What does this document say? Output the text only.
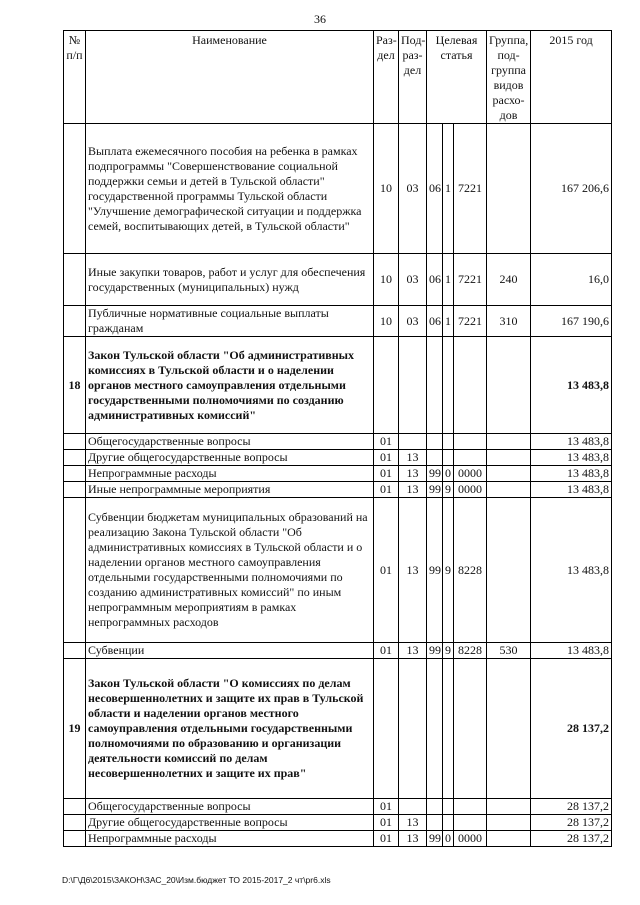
36
№ п/п	Наименование	Раз-дел	Под-раз-дел	Целевая статья			Группа, под-группа видов расхо-дов	2015 год
	Выплата ежемесячного пособия на ребенка в рамках подпрограммы "Совершенствование социальной поддержки семьи и детей в Тульской области" государственной программы Тульской области "Улучшение демографической ситуации и поддержка семей, воспитывающих детей, в Тульской области"	10	03	06	1	7221		167 206,6
	Иные закупки товаров, работ и услуг для обеспечения государственных (муниципальных) нужд	10	03	06	1	7221	240	16,0
	Публичные нормативные социальные выплаты гражданам	10	03	06	1	7221	310	167 190,6
18	Закон Тульской области "Об административных комиссиях в Тульской области и о наделении органов местного самоуправления отдельными государственными полномочиями по созданию административных комиссий"							13 483,8
	Общегосударственные вопросы	01						13 483,8
	Другие общегосударственные вопросы	01	13					13 483,8
	Непрограммные расходы	01	13	99	0	0000		13 483,8
	Иные непрограммные мероприятия	01	13	99	9	0000		13 483,8
	Субвенции бюджетам муниципальных образований на реализацию Закона Тульской области "Об административных комиссиях в Тульской области и о наделении органов местного самоуправления отдельными государственными полномочиями по созданию административных комиссий" по иным непрограммным мероприятиям в рамках непрограммных расходов	01	13	99	9	8228		13 483,8
	Субвенции	01	13	99	9	8228	530	13 483,8
19	Закон Тульской области "О комиссиях по делам несовершеннолетних и защите их прав в Тульской области и наделении органов местного самоуправления отдельными государственными полномочиями по образованию и организации деятельности комиссий по делам несовершеннолетних и защите их прав"							28 137,2
	Общегосударственные вопросы	01						28 137,2
	Другие общегосударственные вопросы	01	13					28 137,2
	Непрограммные расходы	01	13	99	0	0000		28 137,2
D:\Г\Д6\2015\ЗАКОН\ЗАС_20\Изм.бюджет ТО 2015-2017_2 чт\pr6.xls
